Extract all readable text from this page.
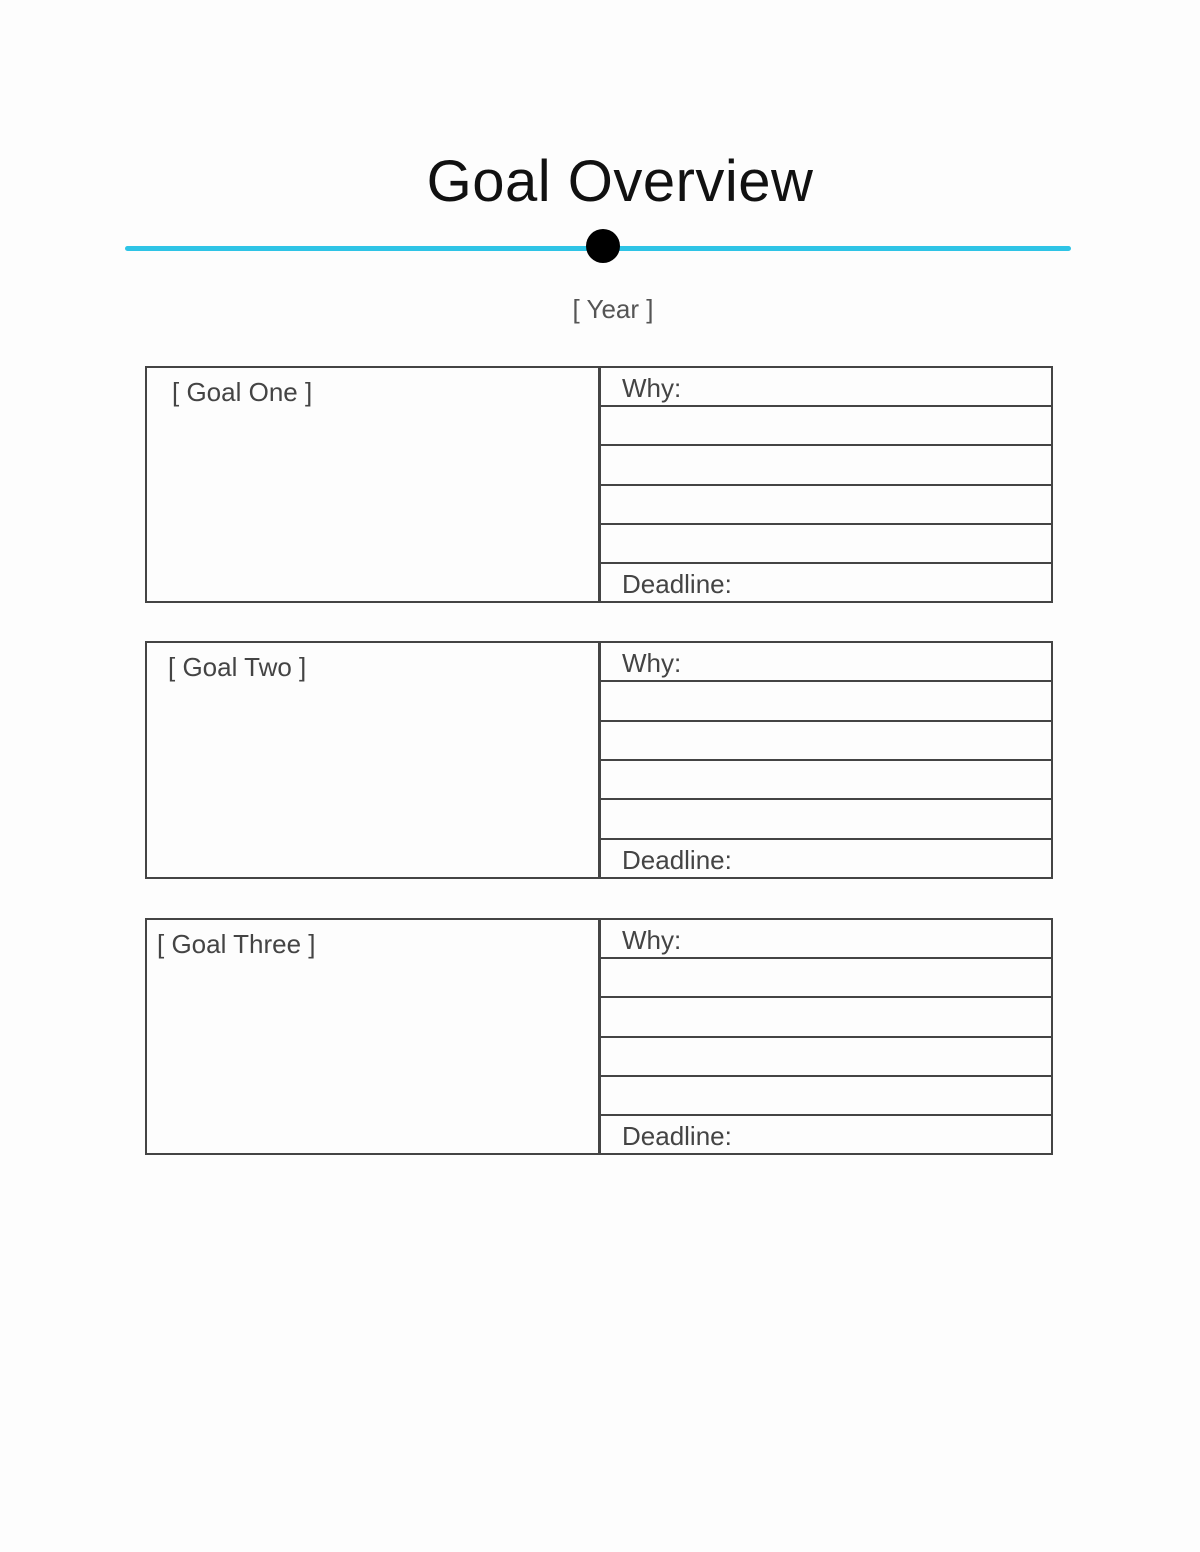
Goal Overview
[ Year ]
[ Goal One ]	Why:
Deadline:
[ Goal Two ]	Why:
Deadline:
[ Goal Three ]	Why:
Deadline:
